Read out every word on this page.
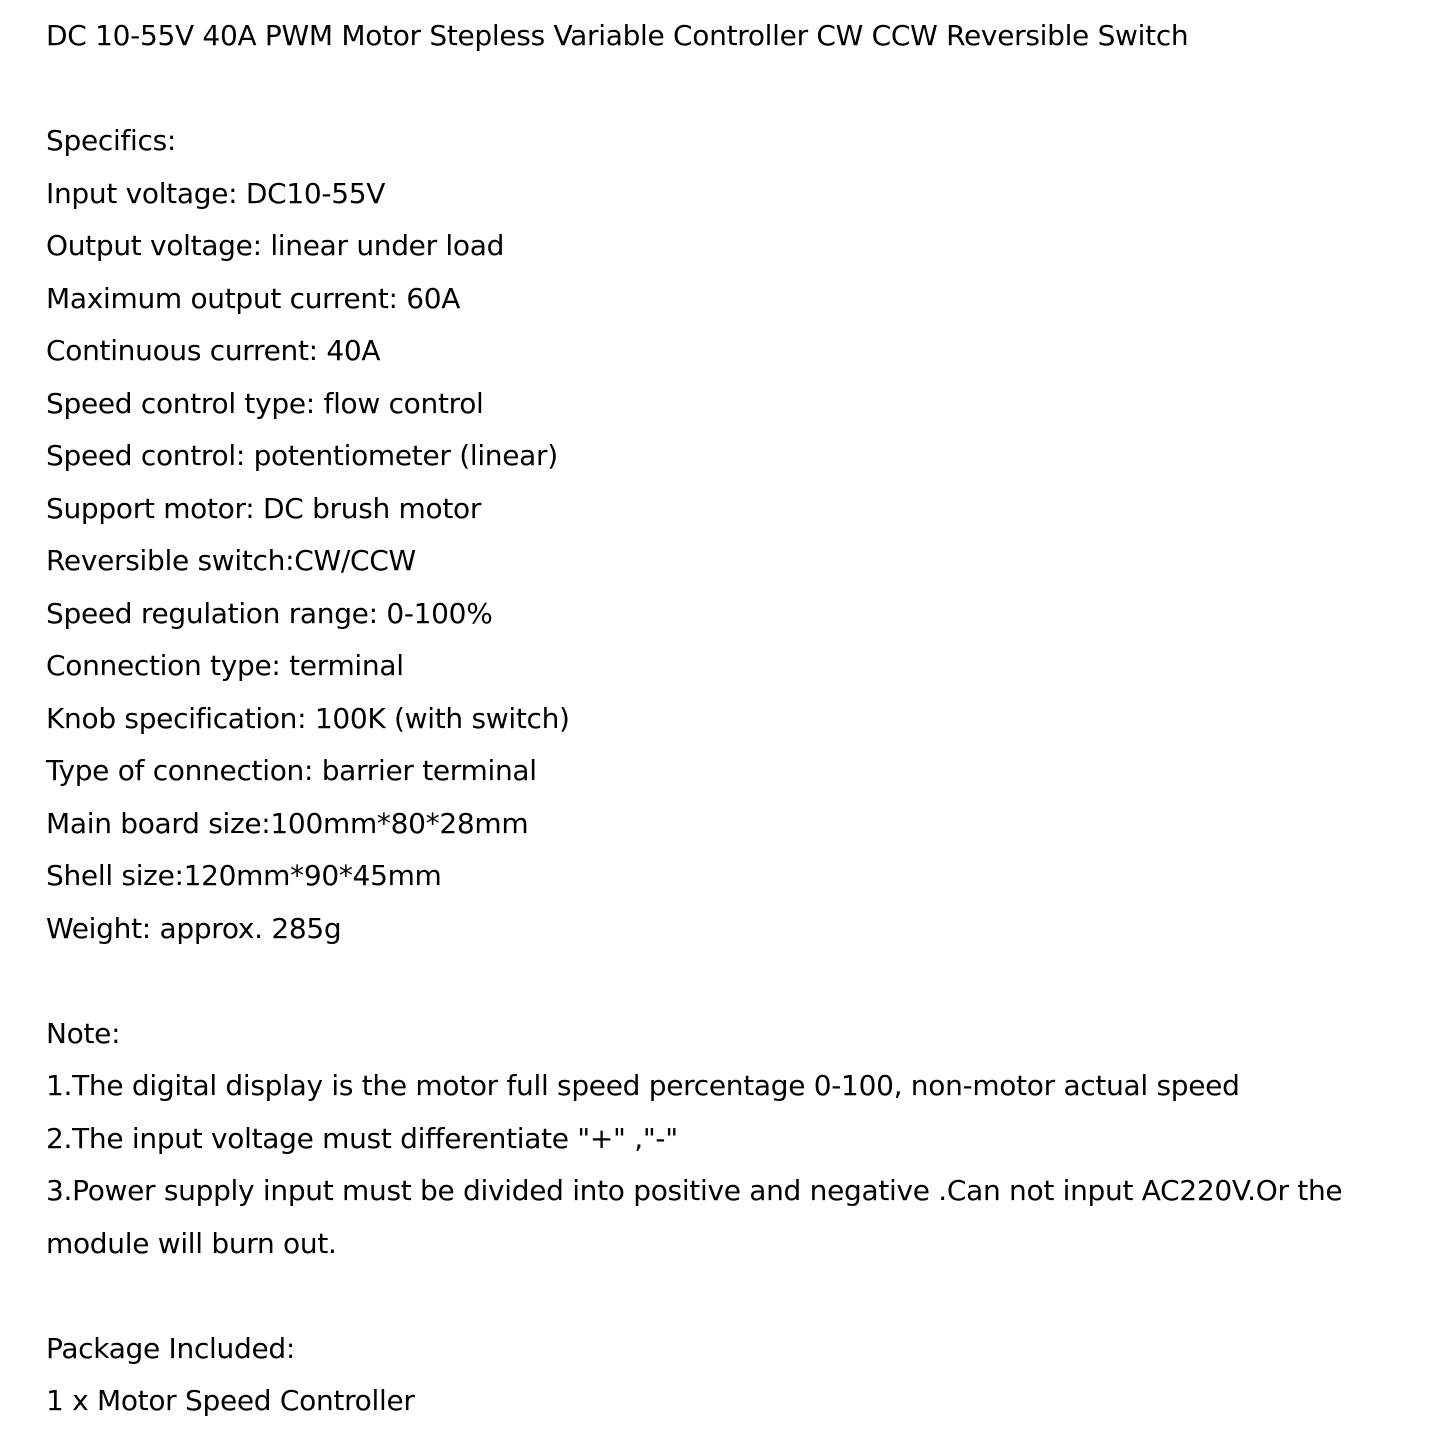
DC 10-55V 40A PWM Motor Stepless Variable Controller CW CCW Reversible Switch
Specifics:
Input voltage: DC10-55V
Output voltage: linear under load
Maximum output current: 60A
Continuous current: 40A
Speed control type: flow control
Speed control: potentiometer (linear)
Support motor: DC brush motor
Reversible switch:CW/CCW
Speed regulation range: 0-100%
Connection type: terminal
Knob specification: 100K (with switch)
Type of connection: barrier terminal
Main board size:100mm*80*28mm
Shell size:120mm*90*45mm
Weight: approx. 285g
Note:
1.The digital display is the motor full speed percentage 0-100, non-motor actual speed
2.The input voltage must differentiate "+" ,"-"
3.Power supply input must be divided into positive and negative .Can not input AC220V.Or the module will burn out.
Package Included:
1 x Motor Speed Controller
